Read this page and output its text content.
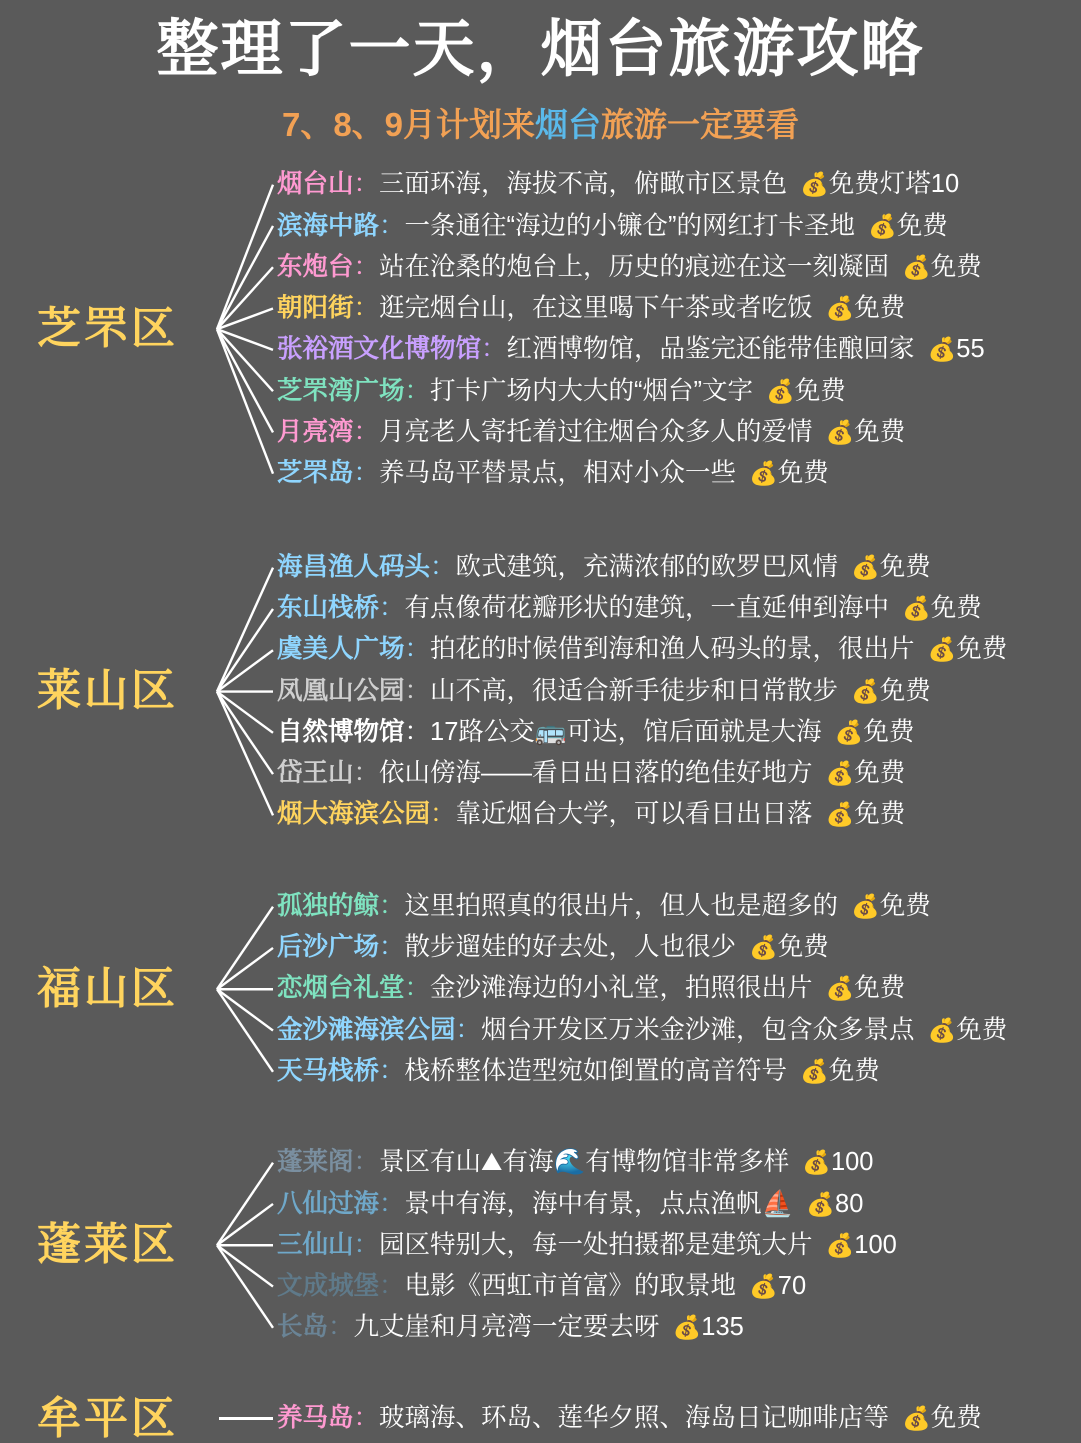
整理了一天，烟台旅游攻略
7、8、9月计划来烟台旅游一定要看
芝罘区
烟台山：三面环海，海拔不高，俯瞰市区景色 💰免费灯塔10
滨海中路：一条通往“海边的小镰仓”的网红打卡圣地 💰免费
东炮台：站在沧桑的炮台上，历史的痕迹在这一刻凝固 💰免费
朝阳街：逛完烟台山，在这里喝下午茶或者吃饭 💰免费
张裕酒文化博物馆：红酒博物馆，品鉴完还能带佳酿回家 💰55
芝罘湾广场：打卡广场内大大的“烟台”文字 💰免费
月亮湾：月亮老人寄托着过往烟台众多人的爱情 💰免费
芝罘岛：养马岛平替景点，相对小众一些 💰免费
莱山区
海昌渔人码头：欧式建筑，充满浓郁的欧罗巴风情 💰免费
东山栈桥：有点像荷花瓣形状的建筑，一直延伸到海中 💰免费
虞美人广场：拍花的时候借到海和渔人码头的景，很出片 💰免费
凤凰山公园：山不高，很适合新手徒步和日常散步 💰免费
自然博物馆：17路公交🚌可达，馆后面就是大海 💰免费
岱王山：依山傍海——看日出日落的绝佳好地方 💰免费
烟大海滨公园：靠近烟台大学，可以看日出日落 💰免费
福山区
孤独的鲸：这里拍照真的很出片，但人也是超多的 💰免费
后沙广场：散步遛娃的好去处，人也很少 💰免费
恋烟台礼堂：金沙滩海边的小礼堂，拍照很出片 💰免费
金沙滩海滨公园：烟台开发区万米金沙滩，包含众多景点 💰免费
天马栈桥：栈桥整体造型宛如倒置的高音符号 💰免费
蓬莱区
蓬莱阁：景区有山⛰有海🌊有博物馆非常多样 💰100
八仙过海：景中有海，海中有景，点点渔帆⛵ 💰80
三仙山：园区特别大，每一处拍摄都是建筑大片 💰100
文成城堡：电影《西虹市首富》的取景地 💰70
长岛：九丈崖和月亮湾一定要去呀 💰135
牟平区	养马岛：玻璃海、环岛、莲华夕照、海岛日记咖啡店等 💰免费
